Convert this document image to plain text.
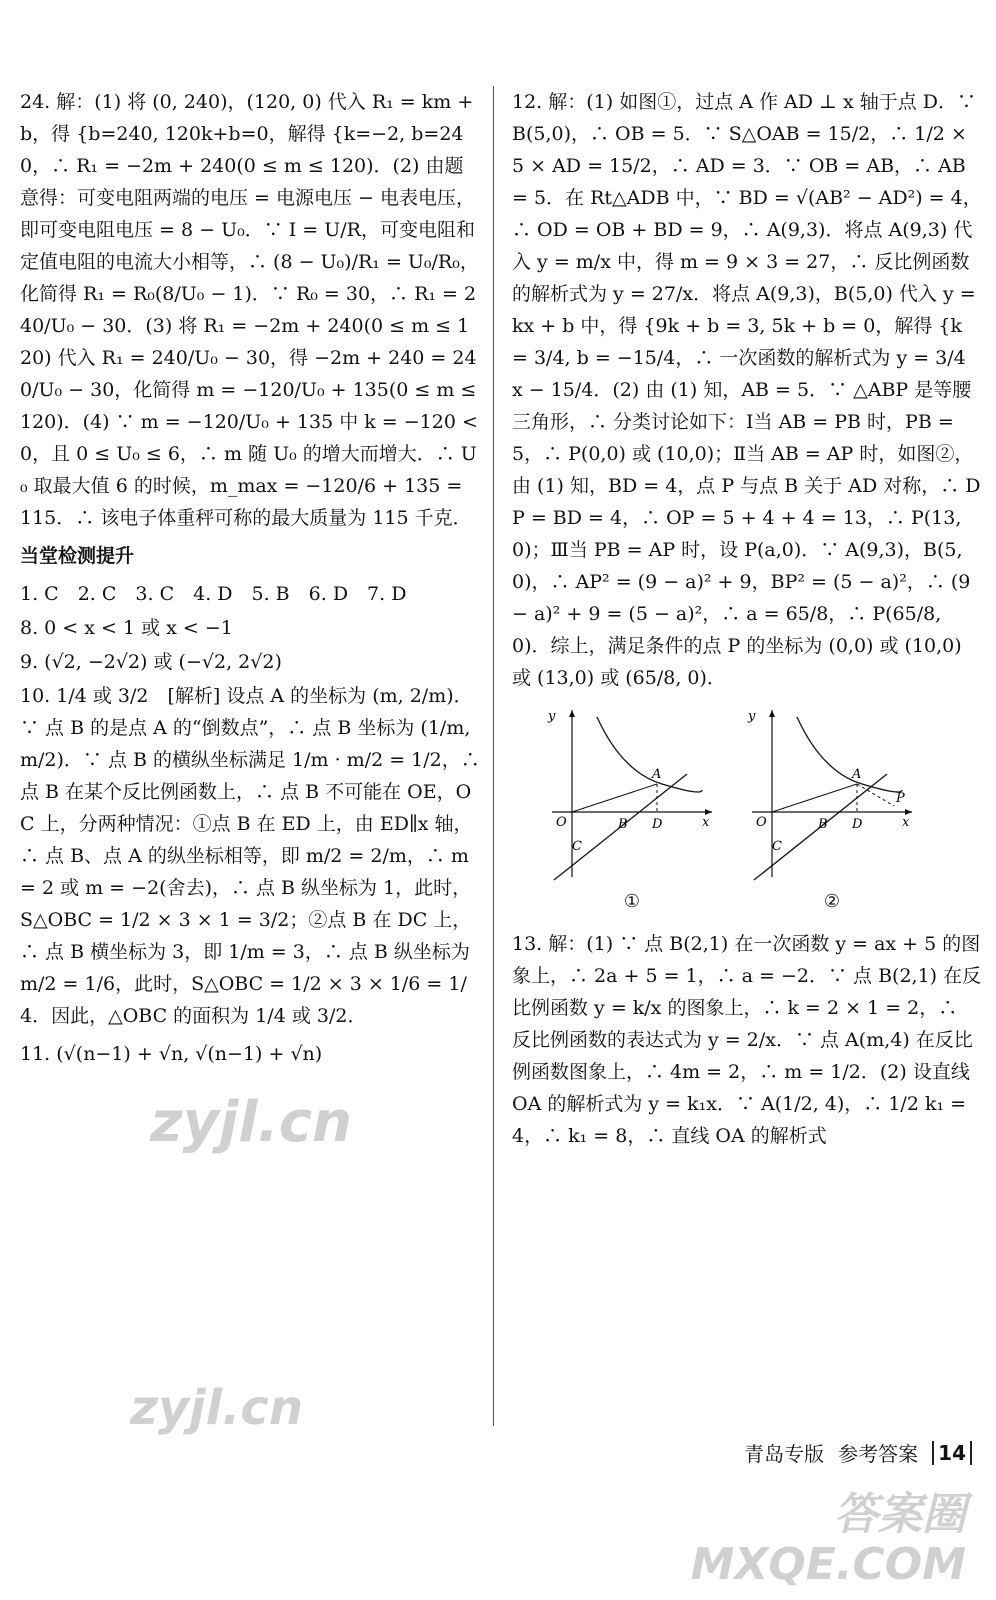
24. 解：(1) 将 (0, 240)，(120, 0) 代入 R₁ = km + b，得 {b=240, 120k+b=0，解得 {k=−2, b=240，∴ R₁ = −2m + 240(0 ≤ m ≤ 120)．(2) 由题意得：可变电阻两端的电压 = 电源电压 − 电表电压，即可变电阻电压 = 8 − U₀．∵ I = U/R，可变电阻和定值电阻的电流大小相等，∴ (8 − U₀)/R₁ = U₀/R₀，化简得 R₁ = R₀(8/U₀ − 1)．∵ R₀ = 30，∴ R₁ = 240/U₀ − 30．(3) 将 R₁ = −2m + 240(0 ≤ m ≤ 120) 代入 R₁ = 240/U₀ − 30，得 −2m + 240 = 240/U₀ − 30，化简得 m = −120/U₀ + 135(0 ≤ m ≤ 120)．(4) ∵ m = −120/U₀ + 135 中 k = −120 < 0，且 0 ≤ U₀ ≤ 6，∴ m 随 U₀ 的增大而增大．∴ U₀ 取最大值 6 的时候，m_max = −120/6 + 135 = 115．∴ 该电子体重秤可称的最大质量为 115 千克．

当堂检测提升

1. C　2. C　3. C　4. D　5. B　6. D　7. D

8. 0 < x < 1 或 x < −1

9. (√2, −2√2) 或 (−√2, 2√2)

10. 1/4 或 3/2　[解析] 设点 A 的坐标为 (m, 2/m)．∵ 点 B 的是点 A 的“倒数点”，∴ 点 B 坐标为 (1/m, m/2)．∵ 点 B 的横纵坐标满足 1/m · m/2 = 1/2，∴ 点 B 在某个反比例函数上，∴ 点 B 不可能在 OE，OC 上，分两种情况：①点 B 在 ED 上，由 ED∥x 轴，∴ 点 B、点 A 的纵坐标相等，即 m/2 = 2/m，∴ m = 2 或 m = −2(舍去)，∴ 点 B 纵坐标为 1，此时，S△OBC = 1/2 × 3 × 1 = 3/2；②点 B 在 DC 上，∴ 点 B 横坐标为 3，即 1/m = 3，∴ 点 B 纵坐标为 m/2 = 1/6，此时，S△OBC = 1/2 × 3 × 1/6 = 1/4．因此，△OBC 的面积为 1/4 或 3/2．

11. (√(n−1) + √n, √(n−1) + √n)

12. 解：(1) 如图①，过点 A 作 AD ⊥ x 轴于点 D．∵ B(5,0)，∴ OB = 5．∵ S△OAB = 15/2，∴ 1/2 × 5 × AD = 15/2，∴ AD = 3．∵ OB = AB，∴ AB = 5．在 Rt△ADB 中，∵ BD = √(AB² − AD²) = 4，∴ OD = OB + BD = 9，∴ A(9,3)．将点 A(9,3) 代入 y = m/x 中，得 m = 9 × 3 = 27，∴ 反比例函数的解析式为 y = 27/x．将点 A(9,3)，B(5,0) 代入 y = kx + b 中，得 {9k + b = 3, 5k + b = 0，解得 {k = 3/4, b = −15/4，∴ 一次函数的解析式为 y = 3/4 x − 15/4．(2) 由 (1) 知，AB = 5．∵ △ABP 是等腰三角形，∴ 分类讨论如下：Ⅰ当 AB = PB 时，PB = 5，∴ P(0,0) 或 (10,0)；Ⅱ当 AB = AP 时，如图②，由 (1) 知，BD = 4，点 P 与点 B 关于 AD 对称，∴ DP = BD = 4，∴ OP = 5 + 4 + 4 = 13，∴ P(13,0)；Ⅲ当 PB = AP 时，设 P(a,0)．∵ A(9,3)，B(5,0)，∴ AP² = (9 − a)² + 9，BP² = (5 − a)²，∴ (9 − a)² + 9 = (5 − a)²，∴ a = 65/8，∴ P(65/8, 0)．综上，满足条件的点 P 的坐标为 (0,0) 或 (10,0) 或 (13,0) 或 (65/8, 0)．

y
x
O
A
B D
C
①
y
x
O
A
B D
C
P
②

13. 解：(1) ∵ 点 B(2,1) 在一次函数 y = ax + 5 的图象上，∴ 2a + 5 = 1，∴ a = −2．∵ 点 B(2,1) 在反比例函数 y = k/x 的图象上，∴ k = 2 × 1 = 2，∴ 反比例函数的表达式为 y = 2/x．∵ 点 A(m,4) 在反比例函数图象上，∴ 4m = 2，∴ m = 1/2．(2) 设直线 OA 的解析式为 y = k₁x．∵ A(1/2, 4)，∴ 1/2 k₁ = 4，∴ k₁ = 8，∴ 直线 OA 的解析式

青岛专版 参考答案	14
zyjl.cn
zyjl.cn
答案圈
MXQE.COM
